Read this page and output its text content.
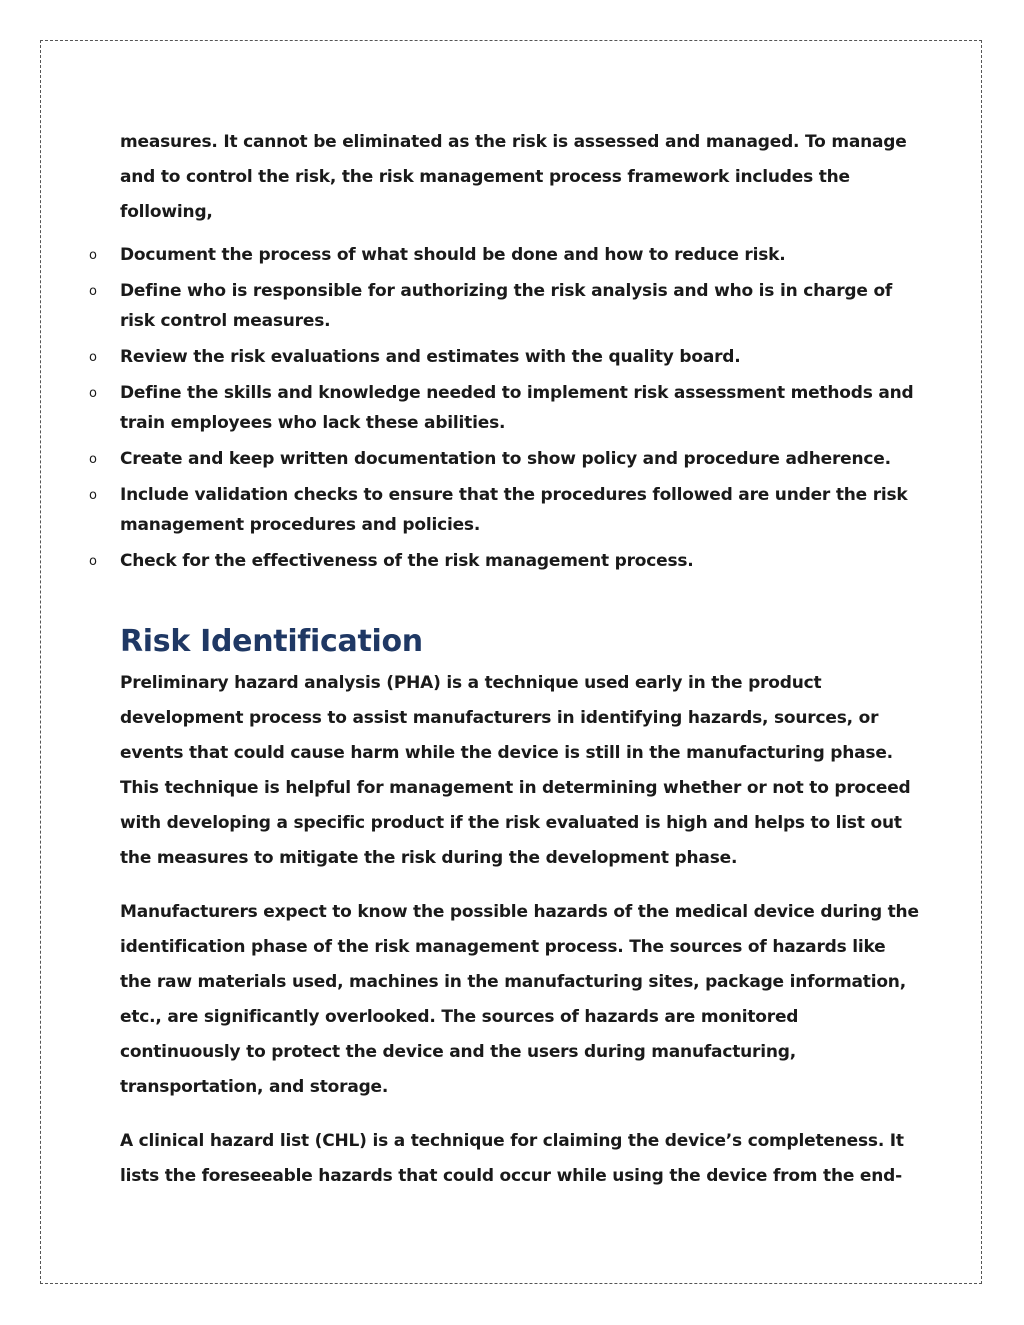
measures. It cannot be eliminated as the risk is assessed and managed. To manage and to control the risk, the risk management process framework includes the following,

o Document the process of what should be done and how to reduce risk.
o Define who is responsible for authorizing the risk analysis and who is in charge of risk control measures.
o Review the risk evaluations and estimates with the quality board.
o Define the skills and knowledge needed to implement risk assessment methods and train employees who lack these abilities.
o Create and keep written documentation to show policy and procedure adherence.
o Include validation checks to ensure that the procedures followed are under the risk management procedures and policies.
o Check for the effectiveness of the risk management process.
Risk Identification

Preliminary hazard analysis (PHA) is a technique used early in the product development process to assist manufacturers in identifying hazards, sources, or events that could cause harm while the device is still in the manufacturing phase. This technique is helpful for management in determining whether or not to proceed with developing a specific product if the risk evaluated is high and helps to list out the measures to mitigate the risk during the development phase.

Manufacturers expect to know the possible hazards of the medical device during the identification phase of the risk management process. The sources of hazards like the raw materials used, machines in the manufacturing sites, package information, etc., are significantly overlooked. The sources of hazards are monitored continuously to protect the device and the users during manufacturing, transportation, and storage.

A clinical hazard list (CHL) is a technique for claiming the device’s completeness. It lists the foreseeable hazards that could occur while using the device from the end-
